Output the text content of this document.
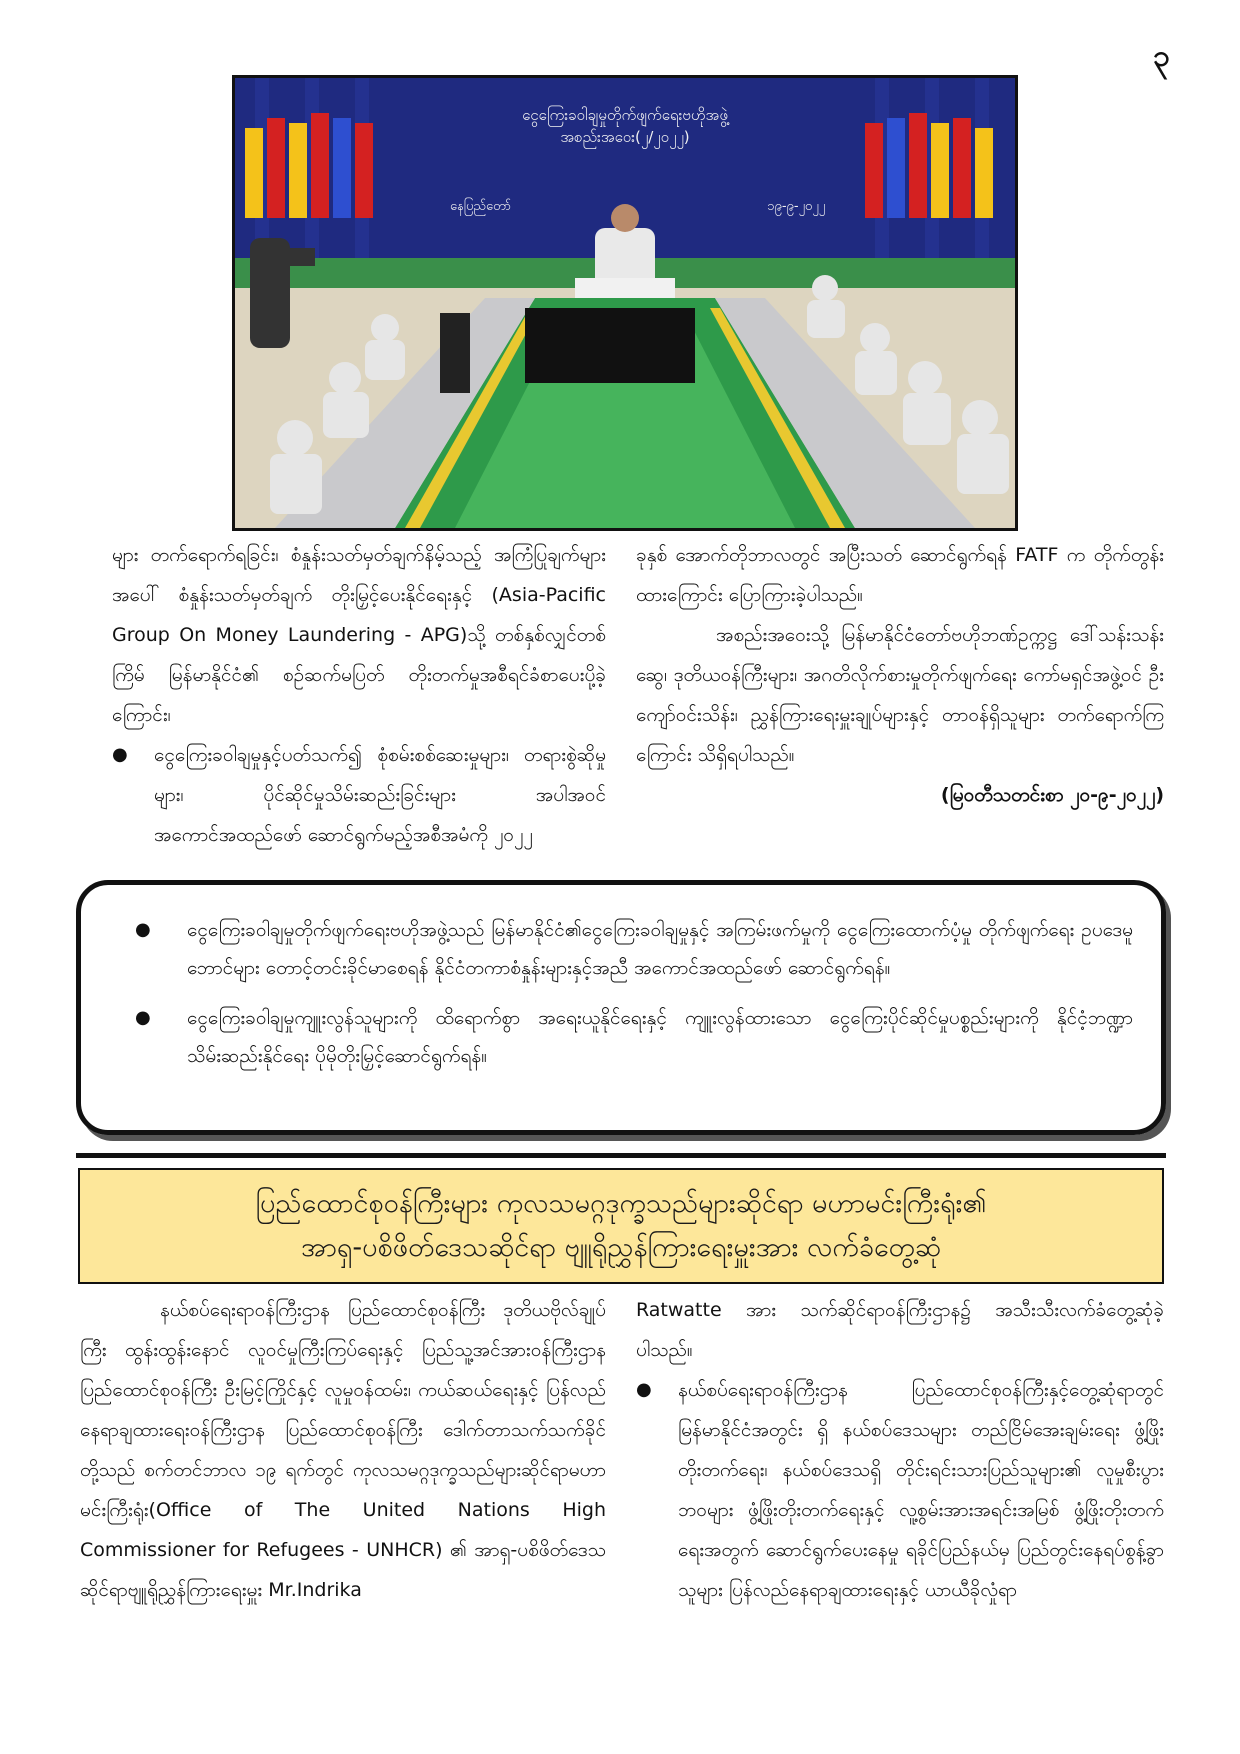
၃
ငွေကြေးခဝါချမှုတိုက်ဖျက်ရေးဗဟိုအဖွဲ့
အစည်းအဝေး(၂/၂၀၂၂)
နေပြည်တော်	၁၉-၉-၂၀၂၂

များ တက်ရောက်ရခြင်း၊ စံနှုန်းသတ်မှတ်ချက်နိမ့်သည့် အကြံပြုချက်များအပေါ် စံနှုန်းသတ်မှတ်ချက် တိုးမြှင့်ပေးနိုင်ရေးနှင့် (Asia-Pacific Group On Money Laundering - APG)သို့ တစ်နှစ်လျှင်တစ်ကြိမ် မြန်မာနိုင်ငံ၏ စဉ်ဆက်မပြတ် တိုးတက်မှုအစီရင်ခံစာပေးပို့ခဲ့ကြောင်း၊

● ငွေကြေးခဝါချမှုနှင့်ပတ်သက်၍ စုံစမ်းစစ်ဆေးမှုများ၊ တရားစွဲဆိုမှုများ၊ ပိုင်ဆိုင်မှုသိမ်းဆည်းခြင်းများ အပါအဝင် အကောင်အထည်ဖော် ဆောင်ရွက်မည့်အစီအမံကို ၂၀၂၂

ခုနှစ် အောက်တိုဘာလတွင် အပြီးသတ် ဆောင်ရွက်ရန် FATF က တိုက်တွန်းထားကြောင်း ပြောကြားခဲ့ပါသည်။

အစည်းအဝေးသို့ မြန်မာနိုင်ငံတော်ဗဟိုဘဏ်ဥက္ကဋ္ဌ ဒေါ်သန်းသန်းဆွေ၊ ဒုတိယဝန်ကြီးများ၊ အဂတိလိုက်စားမှုတိုက်ဖျက်ရေး ကော်မရှင်အဖွဲ့ဝင် ဦးကျော်ဝင်းသိန်း၊ ညွှန်ကြားရေးမှူးချုပ်များနှင့် တာဝန်ရှိသူများ တက်ရောက်ကြကြောင်း သိရှိရပါသည်။

(မြဝတီသတင်းစာ ၂၀-၉-၂၀၂၂)

● ငွေကြေးခဝါချမှုတိုက်ဖျက်ရေးဗဟိုအဖွဲ့သည် မြန်မာနိုင်ငံ၏ငွေကြေးခဝါချမှုနှင့် အကြမ်းဖက်မှုကို ငွေကြေးထောက်ပံ့မှု တိုက်ဖျက်ရေး ဥပဒေမူဘောင်များ တောင့်တင်းခိုင်မာစေရန် နိုင်ငံတကာစံနှုန်းများနှင့်အညီ အကောင်အထည်ဖော် ဆောင်ရွက်ရန်။

● ငွေကြေးခဝါချမှုကျူးလွန်သူများကို ထိရောက်စွာ အရေးယူနိုင်ရေးနှင့် ကျူးလွန်ထားသော ငွေကြေးပိုင်ဆိုင်မှုပစ္စည်းများကို နိုင်ငံ့ဘဏ္ဍာသိမ်းဆည်းနိုင်ရေး ပိုမိုတိုးမြှင့်ဆောင်ရွက်ရန်။

ပြည်ထောင်စုဝန်ကြီးများ ကုလသမဂ္ဂဒုက္ခသည်များဆိုင်ရာ မဟာမင်းကြီးရုံး၏
အာရှ-ပစိဖိတ်ဒေသဆိုင်ရာ ဗျူရိုညွှန်ကြားရေးမှူးအား လက်ခံတွေ့ဆုံ

နယ်စပ်ရေးရာဝန်ကြီးဌာန ပြည်ထောင်စုဝန်ကြီး ဒုတိယဗိုလ်ချုပ်ကြီး ထွန်းထွန်းနောင် လူဝင်မှုကြီးကြပ်ရေးနှင့် ပြည်သူ့အင်အားဝန်ကြီးဌာန ပြည်ထောင်စုဝန်ကြီး ဦးမြင့်ကြိုင်နှင့် လူမှုဝန်ထမ်း၊ ကယ်ဆယ်ရေးနှင့် ပြန်လည်နေရာချထားရေးဝန်ကြီးဌာန ပြည်ထောင်စုဝန်ကြီး ဒေါက်တာသက်သက်ခိုင်တို့သည် စက်တင်ဘာလ ၁၉ ရက်တွင် ကုလသမဂ္ဂဒုက္ခသည်များဆိုင်ရာမဟာမင်းကြီးရုံး(Office of The United Nations High Commissioner for Refugees - UNHCR) ၏ အာရှ-ပစိဖိတ်ဒေသဆိုင်ရာဗျူရိုညွှန်ကြားရေးမှူး Mr.Indrika

Ratwatte အား သက်ဆိုင်ရာဝန်ကြီးဌာန၌ အသီးသီးလက်ခံတွေ့ဆုံခဲ့ပါသည်။

● နယ်စပ်ရေးရာဝန်ကြီးဌာန ပြည်ထောင်စုဝန်ကြီးနှင့်တွေ့ဆုံရာတွင် မြန်မာနိုင်ငံအတွင်း ရှိ နယ်စပ်ဒေသများ တည်ငြိမ်အေးချမ်းရေး ဖွံ့ဖြိုးတိုးတက်ရေး၊ နယ်စပ်ဒေသရှိ တိုင်းရင်းသားပြည်သူများ၏ လူမှုစီးပွားဘဝများ ဖွံ့ဖြိုးတိုးတက်ရေးနှင့် လူ့စွမ်းအားအရင်းအမြစ် ဖွံ့ဖြိုးတိုးတက်ရေးအတွက် ဆောင်ရွက်ပေးနေမှု ရခိုင်ပြည်နယ်မှ ပြည်တွင်းနေရပ်စွန့်ခွာသူများ ပြန်လည်နေရာချထားရေးနှင့် ယာယီခိုလှုံရာ
